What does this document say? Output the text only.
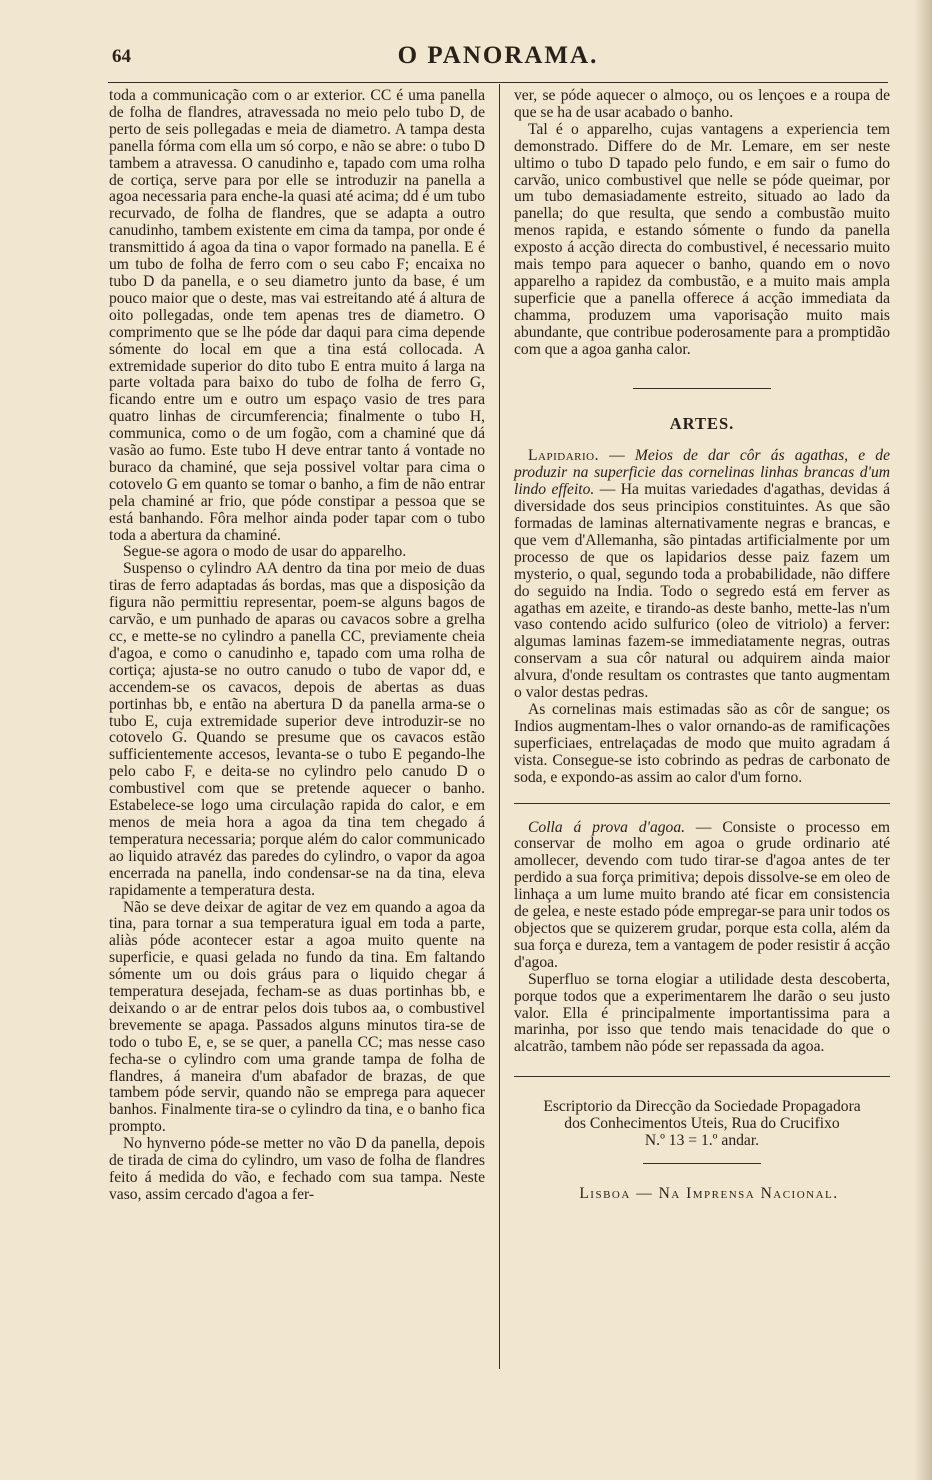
64	O PANORAMA.

toda a communicação com o ar exterior. CC é uma panella de folha de flandres, atravessada no meio pelo tubo D, de perto de seis pollegadas e meia de diametro. A tampa desta panella fórma com ella um só corpo, e não se abre: o tubo D tambem a atravessa. O canudinho e, tapado com uma rolha de cortiça, serve para por elle se introduzir na panella a agoa necessaria para enche-la quasi até acima; dd é um tubo recurvado, de folha de flandres, que se adapta a outro canudinho, tambem existente em cima da tampa, por onde é transmittido á agoa da tina o vapor formado na panella. E é um tubo de folha de ferro com o seu cabo F; encaixa no tubo D da panella, e o seu diametro junto da base, é um pouco maior que o deste, mas vai estreitando até á altura de oito pollegadas, onde tem apenas tres de diametro. O comprimento que se lhe póde dar daqui para cima depende sómente do local em que a tina está collocada. A extremidade superior do dito tubo E entra muito á larga na parte voltada para baixo do tubo de folha de ferro G, ficando entre um e outro um espaço vasio de tres para quatro linhas de circumferencia; finalmente o tubo H, communica, como o de um fogão, com a chaminé que dá vasão ao fumo. Este tubo H deve entrar tanto á vontade no buraco da chaminé, que seja possivel voltar para cima o cotovelo G em quanto se tomar o banho, a fim de não entrar pela chaminé ar frio, que póde constipar a pessoa que se está banhando. Fôra melhor ainda poder tapar com o tubo toda a abertura da chaminé.

Segue-se agora o modo de usar do apparelho.

Suspenso o cylindro AA dentro da tina por meio de duas tiras de ferro adaptadas ás bordas, mas que a disposição da figura não permittiu representar, poem-se alguns bagos de carvão, e um punhado de aparas ou cavacos sobre a grelha cc, e mette-se no cylindro a panella CC, previamente cheia d'agoa, e como o canudinho e, tapado com uma rolha de cortiça; ajusta-se no outro canudo o tubo de vapor dd, e accendem-se os cavacos, depois de abertas as duas portinhas bb, e então na abertura D da panella arma-se o tubo E, cuja extremidade superior deve introduzir-se no cotovelo G. Quando se presume que os cavacos estão sufficientemente accesos, levanta-se o tubo E pegando-lhe pelo cabo F, e deita-se no cylindro pelo canudo D o combustivel com que se pretende aquecer o banho. Estabelece-se logo uma circulação rapida do calor, e em menos de meia hora a agoa da tina tem chegado á temperatura necessaria; porque além do calor communicado ao liquido atravéz das paredes do cylindro, o vapor da agoa encerrada na panella, indo condensar-se na da tina, eleva rapidamente a temperatura desta.

Não se deve deixar de agitar de vez em quando a agoa da tina, para tornar a sua temperatura igual em toda a parte, aliàs póde acontecer estar a agoa muito quente na superficie, e quasi gelada no fundo da tina. Em faltando sómente um ou dois gráus para o liquido chegar á temperatura desejada, fecham-se as duas portinhas bb, e deixando o ar de entrar pelos dois tubos aa, o combustivel brevemente se apaga. Passados alguns minutos tira-se de todo o tubo E, e, se se quer, a panella CC; mas nesse caso fecha-se o cylindro com uma grande tampa de folha de flandres, á maneira d'um abafador de brazas, de que tambem póde servir, quando não se emprega para aquecer banhos. Finalmente tira-se o cylindro da tina, e o banho fica prompto.

No hynverno póde-se metter no vão D da panella, depois de tirada de cima do cylindro, um vaso de folha de flandres feito á medida do vão, e fechado com sua tampa. Neste vaso, assim cercado d'agoa a fer-

ver, se póde aquecer o almoço, ou os lençoes e a roupa de que se ha de usar acabado o banho.

Tal é o apparelho, cujas vantagens a experiencia tem demonstrado. Differe do de Mr. Lemare, em ser neste ultimo o tubo D tapado pelo fundo, e em sair o fumo do carvão, unico combustivel que nelle se póde queimar, por um tubo demasiadamente estreito, situado ao lado da panella; do que resulta, que sendo a combustão muito menos rapida, e estando sómente o fundo da panella exposto á acção directa do combustivel, é necessario muito mais tempo para aquecer o banho, quando em o novo apparelho a rapidez da combustão, e a muito mais ampla superficie que a panella offerece á acção immediata da chamma, produzem uma vaporisação muito mais abundante, que contribue poderosamente para a promptidão com que a agoa ganha calor.

ARTES.

Lapidario. — Meios de dar côr ás agathas, e de produzir na superficie das cornelinas linhas brancas d'um lindo effeito. — Ha muitas variedades d'agathas, devidas á diversidade dos seus principios constituintes. As que são formadas de laminas alternativamente negras e brancas, e que vem d'Allemanha, são pintadas artificialmente por um processo de que os lapidarios desse paiz fazem um mysterio, o qual, segundo toda a probabilidade, não differe do seguido na India. Todo o segredo está em ferver as agathas em azeite, e tirando-as deste banho, mette-las n'um vaso contendo acido sulfurico (oleo de vitriolo) a ferver: algumas laminas fazem-se immediatamente negras, outras conservam a sua côr natural ou adquirem ainda maior alvura, d'onde resultam os contrastes que tanto augmentam o valor destas pedras.

As cornelinas mais estimadas são as côr de sangue; os Indios augmentam-lhes o valor ornando-as de ramificações superficiaes, entrelaçadas de modo que muito agradam á vista. Consegue-se isto cobrindo as pedras de carbonato de soda, e expondo-as assim ao calor d'um forno.

Colla á prova d'agoa. — Consiste o processo em conservar de molho em agoa o grude ordinario até amollecer, devendo com tudo tirar-se d'agoa antes de ter perdido a sua força primitiva; depois dissolve-se em oleo de linhaça a um lume muito brando até ficar em consistencia de gelea, e neste estado póde empregar-se para unir todos os objectos que se quizerem grudar, porque esta colla, além da sua força e dureza, tem a vantagem de poder resistir á acção d'agoa.

Superfluo se torna elogiar a utilidade desta descoberta, porque todos que a experimentarem lhe darão o seu justo valor. Ella é principalmente importantissima para a marinha, por isso que tendo mais tenacidade do que o alcatrão, tambem não póde ser repassada da agoa.

Escriptorio da Direcção da Sociedade Propagadora

dos Conhecimentos Uteis, Rua do Crucifixo

N.º 13 = 1.º andar.

Lisboa — Na Imprensa Nacional.
